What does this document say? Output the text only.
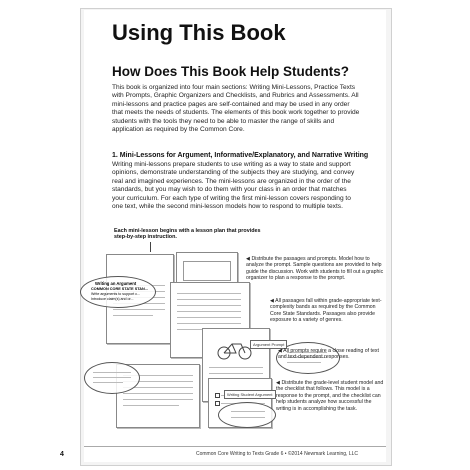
Using This Book
How Does This Book Help Students?

This book is organized into four main sections: Writing Mini-Lessons, Practice Texts with Prompts, Graphic Organizers and Checklists, and Rubrics and Assessments. All mini-lessons and practice pages are self-contained and may be used in any order that meets the needs of students. The elements of this book work together to provide students with the tools they need to be able to master the range of skills and application as required by the Common Core.

1. Mini-Lessons for Argument, Informative/Explanatory, and Narrative Writing

Writing mini-lessons prepare students to use writing as a way to state and support opinions, demonstrate understanding of the subjects they are studying, and convey real and imagined experiences. The mini-lessons are organized in the order of the standards, but you may wish to do them with your class in an order that matches your curriculum. For each type of writing the first mini-lesson covers responding to one text, while the second mini-lesson models how to respond to multiple texts.

Each mini-lesson begins with a lesson plan that provides step-by-step instruction.

Writing an Argument
COMMON CORE STATE STAN...
Write arguments to support c...
Introduce claim(s) and or...
Argument Prompt
Writing Student Argument

◀ Distribute the passages and prompts. Model how to analyze the prompt. Sample questions are provided to help guide the discussion. Work with students to fill out a graphic organizer to plan a response to the prompt.

◀ All passages fall within grade-appropriate text-complexity bands as required by the Common Core State Standards. Passages also provide exposure to a variety of genres.

◀ All prompts require a close reading of text and text-dependent responses.

◀ Distribute the grade-level student model and the checklist that follows. This model is a response to the prompt, and the checklist can help students analyze how successful the writing is in accomplishing the task.

4	Common Core Writing to Texts Grade 6 • ©2014 Newmark Learning, LLC
